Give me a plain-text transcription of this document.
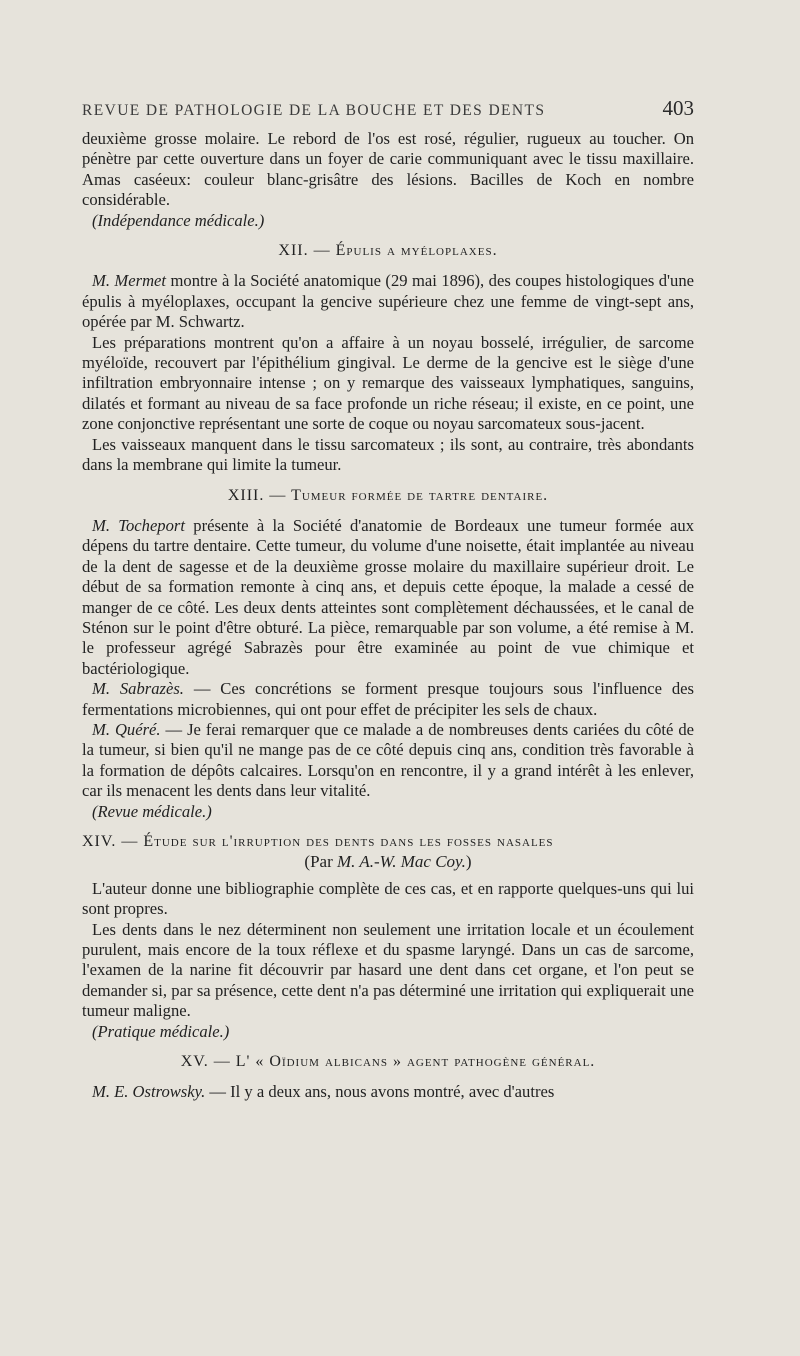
REVUE DE PATHOLOGIE DE LA BOUCHE ET DES DENTS	403

deuxième grosse molaire. Le rebord de l'os est rosé, régulier, rugueux au toucher. On pénètre par cette ouverture dans un foyer de carie communiquant avec le tissu maxillaire. Amas caséeux: couleur blanc-grisâtre des lésions. Bacilles de Koch en nombre considérable.

(Indépendance médicale.)

XII. — Épulis a myéloplaxes.

M. Mermet montre à la Société anatomique (29 mai 1896), des coupes histologiques d'une épulis à myéloplaxes, occupant la gencive supérieure chez une femme de vingt-sept ans, opérée par M. Schwartz.

Les préparations montrent qu'on a affaire à un noyau bosselé, irrégulier, de sarcome myéloïde, recouvert par l'épithélium gingival. Le derme de la gencive est le siège d'une infiltration embryonnaire intense ; on y remarque des vaisseaux lymphatiques, sanguins, dilatés et formant au niveau de sa face profonde un riche réseau; il existe, en ce point, une zone conjonctive représentant une sorte de coque ou noyau sarcomateux sous-jacent.

Les vaisseaux manquent dans le tissu sarcomateux ; ils sont, au contraire, très abondants dans la membrane qui limite la tumeur.

XIII. — Tumeur formée de tartre dentaire.

M. Tocheport présente à la Société d'anatomie de Bordeaux une tumeur formée aux dépens du tartre dentaire. Cette tumeur, du volume d'une noisette, était implantée au niveau de la dent de sagesse et de la deuxième grosse molaire du maxillaire supérieur droit. Le début de sa formation remonte à cinq ans, et depuis cette époque, la malade a cessé de manger de ce côté. Les deux dents atteintes sont complètement déchaussées, et le canal de Sténon sur le point d'être obturé. La pièce, remarquable par son volume, a été remise à M. le professeur agrégé Sabrazès pour être examinée au point de vue chimique et bactériologique.

M. Sabrazès. — Ces concrétions se forment presque toujours sous l'influence des fermentations microbiennes, qui ont pour effet de précipiter les sels de chaux.

M. Quéré. — Je ferai remarquer que ce malade a de nombreuses dents cariées du côté de la tumeur, si bien qu'il ne mange pas de ce côté depuis cinq ans, condition très favorable à la formation de dépôts calcaires. Lorsqu'on en rencontre, il y a grand intérêt à les enlever, car ils menacent les dents dans leur vitalité.

(Revue médicale.)

XIV. — Étude sur l'irruption des dents dans les fosses nasales
(Par M. A.-W. Mac Coy.)

L'auteur donne une bibliographie complète de ces cas, et en rapporte quelques-uns qui lui sont propres.

Les dents dans le nez déterminent non seulement une irritation locale et un écoulement purulent, mais encore de la toux réflexe et du spasme laryngé. Dans un cas de sarcome, l'examen de la narine fit découvrir par hasard une dent dans cet organe, et l'on peut se demander si, par sa présence, cette dent n'a pas déterminé une irritation qui expliquerait une tumeur maligne.

(Pratique médicale.)

XV. — L' « Oïdium albicans » agent pathogène général.

M. E. Ostrowsky. — Il y a deux ans, nous avons montré, avec d'autres
